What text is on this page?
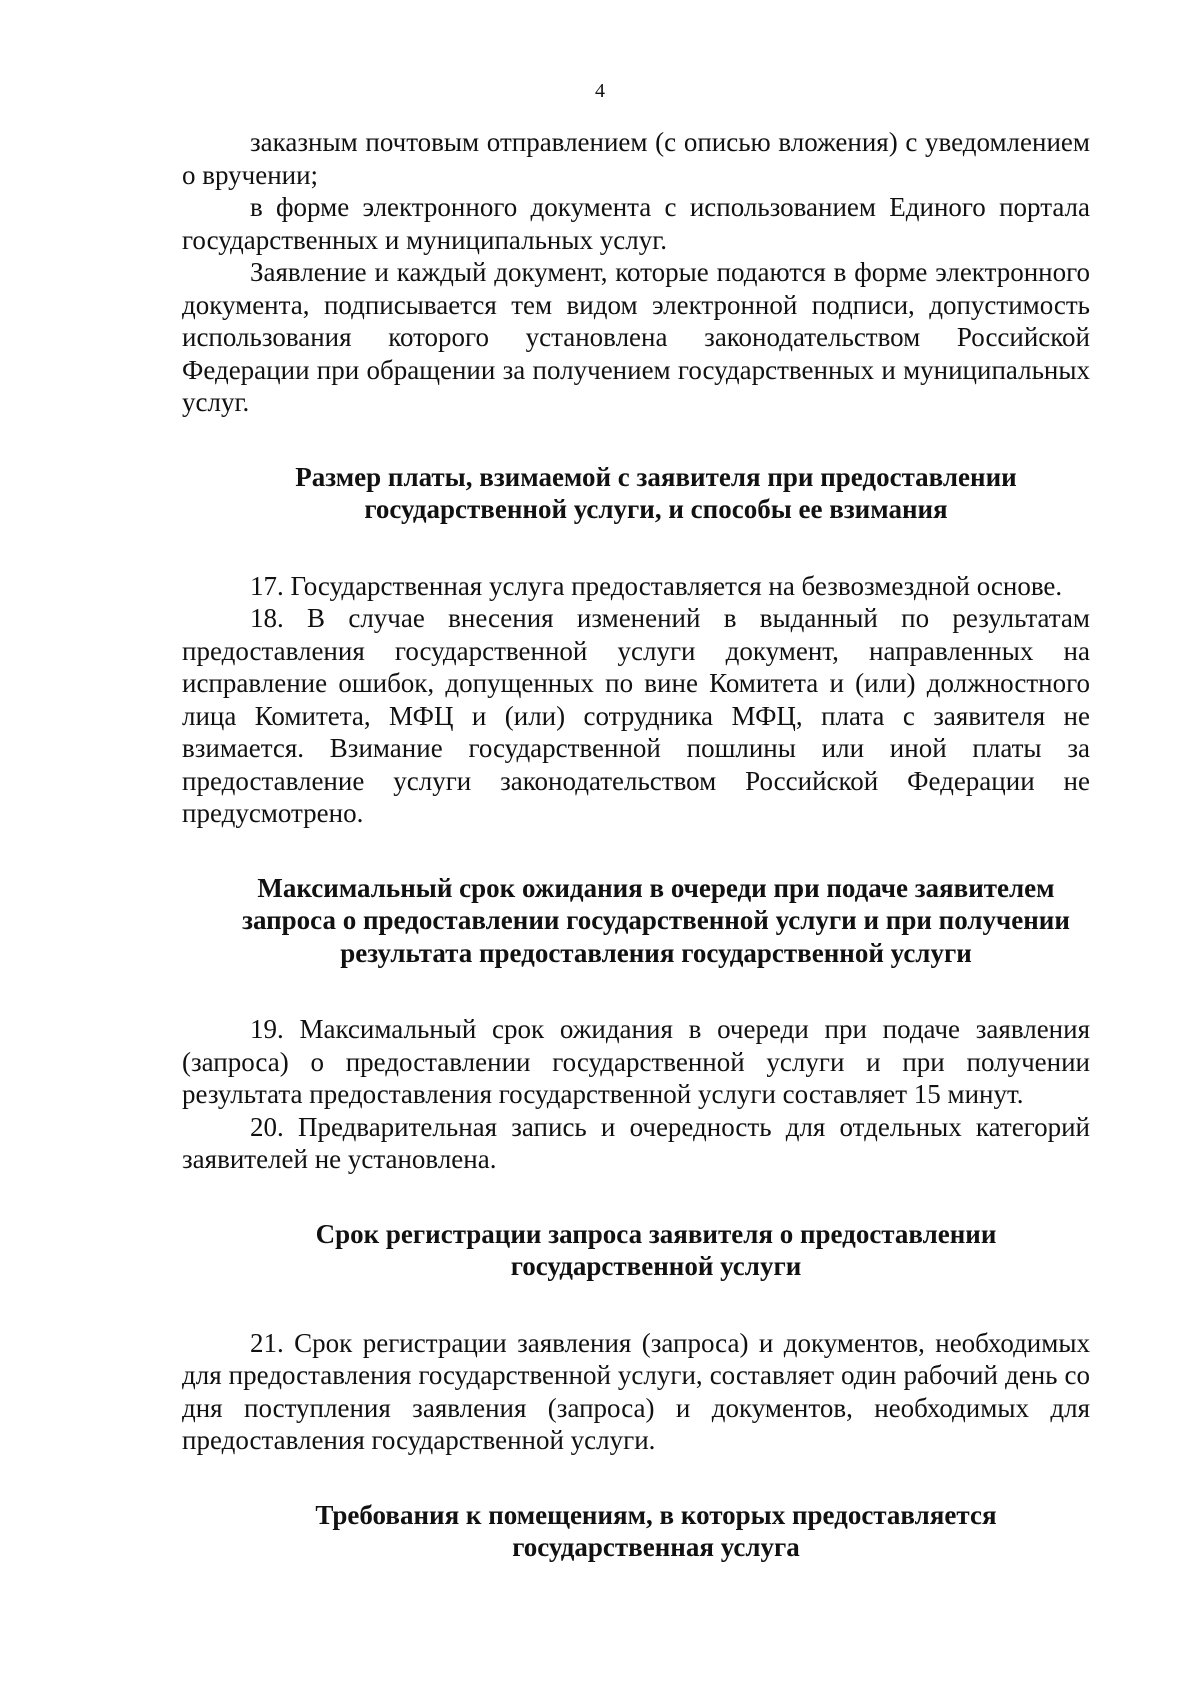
4

заказным почтовым отправлением (с описью вложения) с уведомлением о вручении;

в форме электронного документа с использованием Единого портала государственных и муниципальных услуг.

Заявление и каждый документ, которые подаются в форме электронного документа, подписывается тем видом электронной подписи, допустимость использования которого установлена законодательством Российской Федерации при обращении за получением государственных и муниципальных услуг.

Размер платы, взимаемой с заявителя при предоставлении
государственной услуги, и способы ее взимания

17. Государственная услуга предоставляется на безвозмездной основе.

18. В случае внесения изменений в выданный по результатам предоставления государственной услуги документ, направленных на исправление ошибок, допущенных по вине Комитета и (или) должностного лица Комитета, МФЦ и (или) сотрудника МФЦ, плата с заявителя не взимается. Взимание государственной пошлины или иной платы за предоставление услуги законодательством Российской Федерации не предусмотрено.

Максимальный срок ожидания в очереди при подаче заявителем
запроса о предоставлении государственной услуги и при получении
результата предоставления государственной услуги

19. Максимальный срок ожидания в очереди при подаче заявления (запроса) о предоставлении государственной услуги и при получении результата предоставления государственной услуги составляет 15 минут.

20. Предварительная запись и очередность для отдельных категорий заявителей не установлена.

Срок регистрации запроса заявителя о предоставлении
государственной услуги

21. Срок регистрации заявления (запроса) и документов, необходимых для предоставления государственной услуги, составляет один рабочий день со дня поступления заявления (запроса) и документов, необходимых для предоставления государственной услуги.

Требования к помещениям, в которых предоставляется
государственная услуга
